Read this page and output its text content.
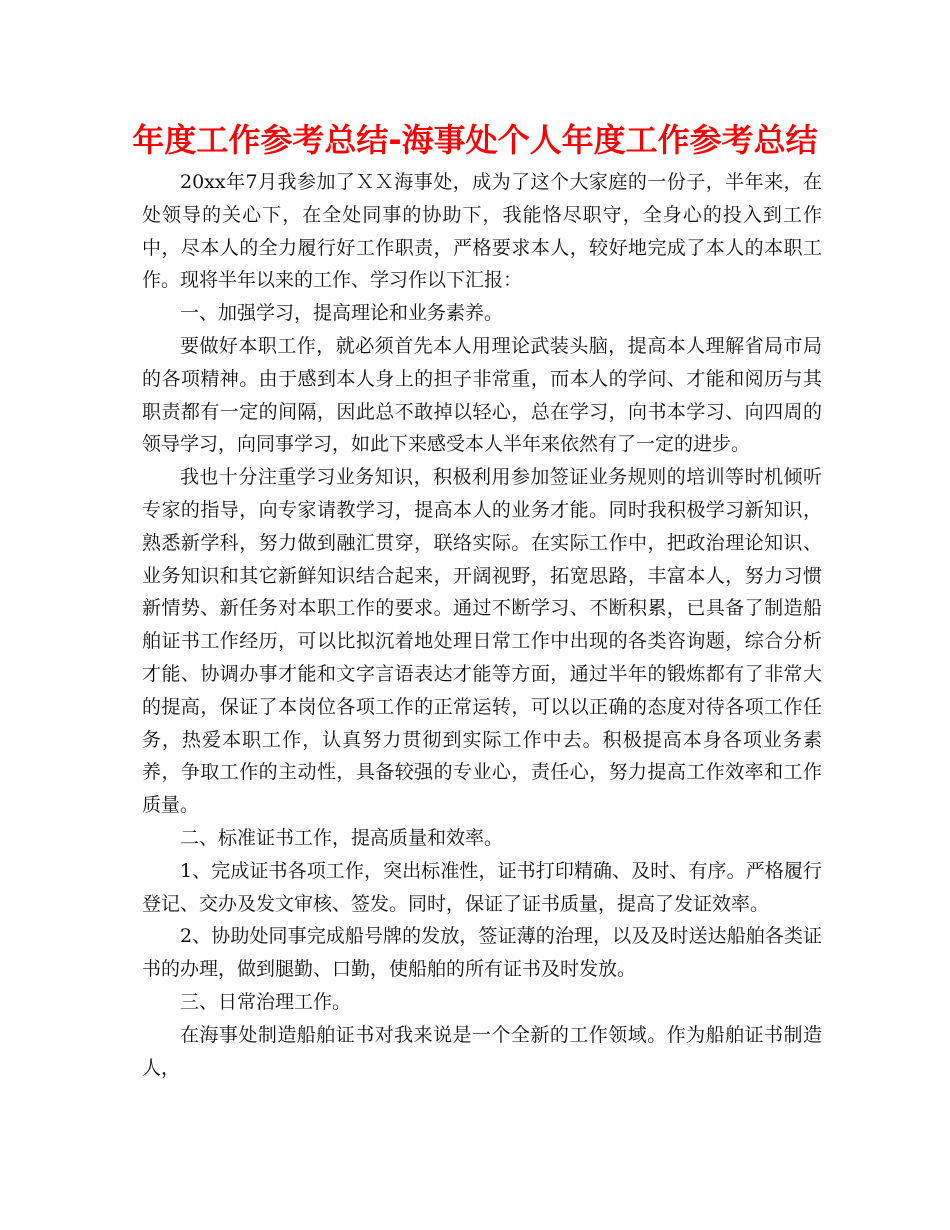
年度工作参考总结-海事处个人年度工作参考总结

20xx年7月我参加了ＸＸ海事处，成为了这个大家庭的一份子，半年来，在处领导的关心下，在全处同事的协助下，我能恪尽职守，全身心的投入到工作中，尽本人的全力履行好工作职责，严格要求本人，较好地完成了本人的本职工作。现将半年以来的工作、学习作以下汇报：

一、加强学习，提高理论和业务素养。

要做好本职工作，就必须首先本人用理论武装头脑，提高本人理解省局市局的各项精神。由于感到本人身上的担子非常重，而本人的学问、才能和阅历与其职责都有一定的间隔，因此总不敢掉以轻心，总在学习，向书本学习、向四周的领导学习，向同事学习，如此下来感受本人半年来依然有了一定的进步。

我也十分注重学习业务知识，积极利用参加签证业务规则的培训等时机倾听专家的指导，向专家请教学习，提高本人的业务才能。同时我积极学习新知识，熟悉新学科，努力做到融汇贯穿，联络实际。在实际工作中，把政治理论知识、业务知识和其它新鲜知识结合起来，开阔视野，拓宽思路，丰富本人，努力习惯新情势、新任务对本职工作的要求。通过不断学习、不断积累，已具备了制造船舶证书工作经历，可以比拟沉着地处理日常工作中出现的各类咨询题，综合分析才能、协调办事才能和文字言语表达才能等方面，通过半年的锻炼都有了非常大的提高，保证了本岗位各项工作的正常运转，可以以正确的态度对待各项工作任务，热爱本职工作，认真努力贯彻到实际工作中去。积极提高本身各项业务素养，争取工作的主动性，具备较强的专业心，责任心，努力提高工作效率和工作质量。

二、标准证书工作，提高质量和效率。

1、完成证书各项工作，突出标准性，证书打印精确、及时、有序。严格履行登记、交办及发文审核、签发。同时，保证了证书质量，提高了发证效率。

2、协助处同事完成船号牌的发放，签证薄的治理，以及及时送达船舶各类证书的办理，做到腿勤、口勤，使船舶的所有证书及时发放。

三、日常治理工作。

在海事处制造船舶证书对我来说是一个全新的工作领域。作为船舶证书制造人，
